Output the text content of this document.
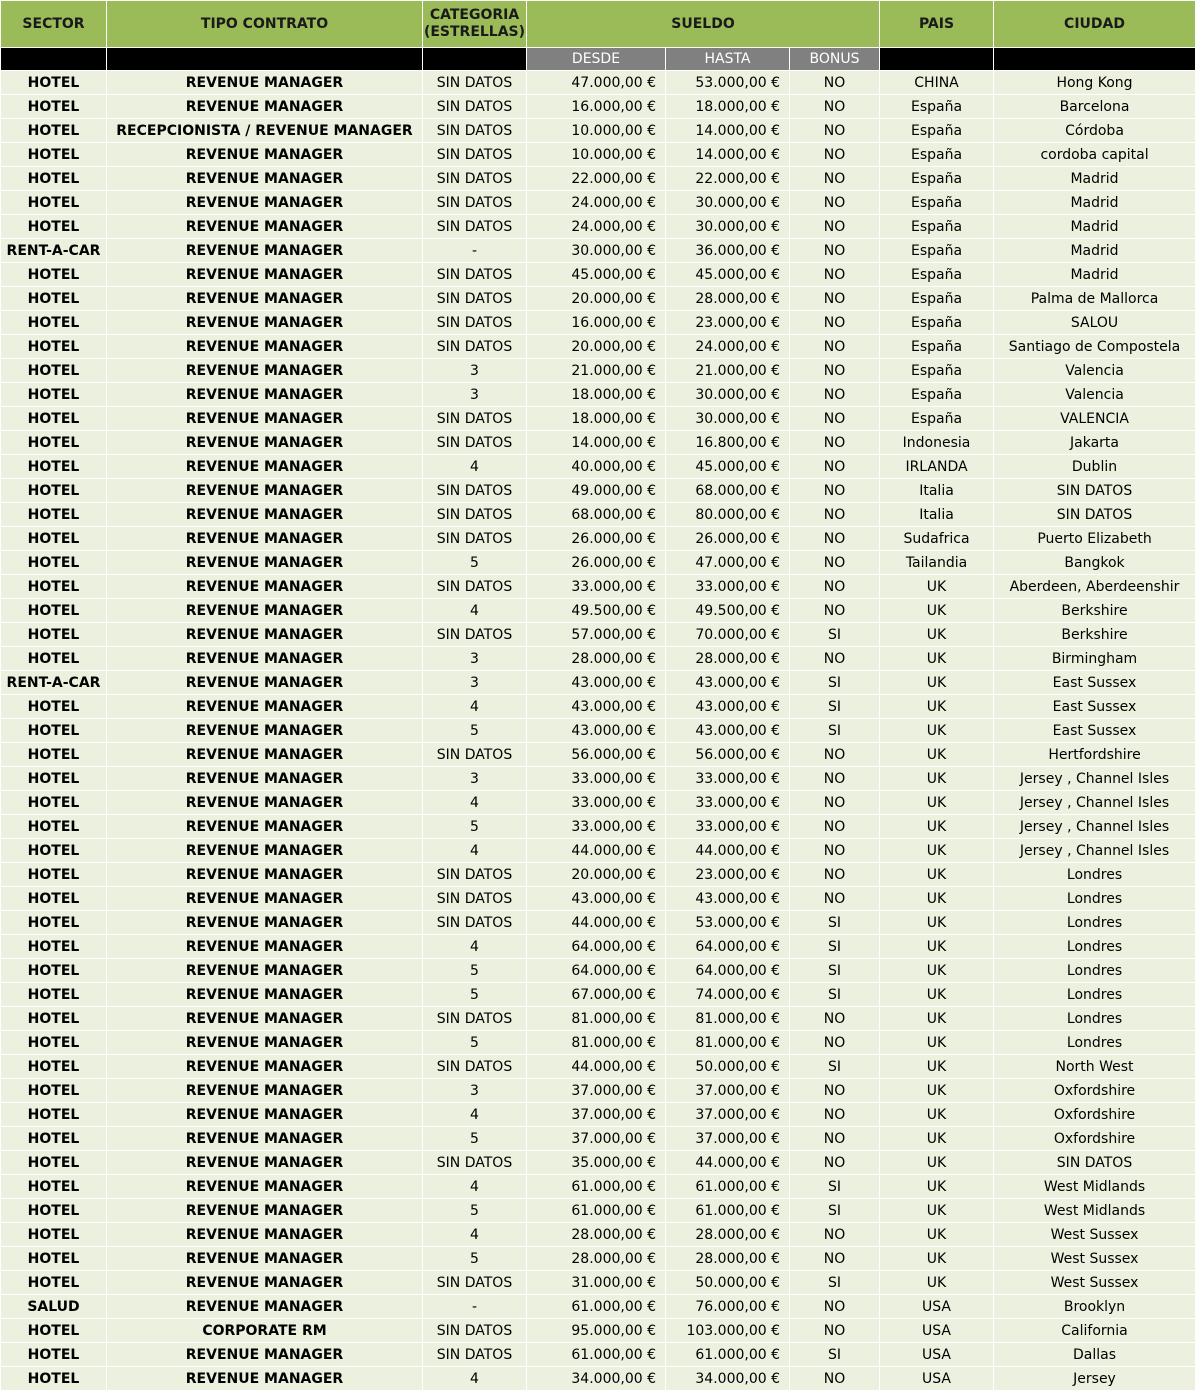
SECTOR	TIPO CONTRATO	CATEGORIA
(ESTRELLAS)	SUELDO			PAIS	CIUDAD
			DESDE	HASTA	BONUS		
HOTEL	REVENUE MANAGER	SIN DATOS	47.000,00 €	53.000,00 €	NO	CHINA	Hong Kong
HOTEL	REVENUE MANAGER	SIN DATOS	16.000,00 €	18.000,00 €	NO	España	Barcelona
HOTEL	RECEPCIONISTA / REVENUE MANAGER	SIN DATOS	10.000,00 €	14.000,00 €	NO	España	Córdoba
HOTEL	REVENUE MANAGER	SIN DATOS	10.000,00 €	14.000,00 €	NO	España	cordoba capital
HOTEL	REVENUE MANAGER	SIN DATOS	22.000,00 €	22.000,00 €	NO	España	Madrid
HOTEL	REVENUE MANAGER	SIN DATOS	24.000,00 €	30.000,00 €	NO	España	Madrid
HOTEL	REVENUE MANAGER	SIN DATOS	24.000,00 €	30.000,00 €	NO	España	Madrid
RENT-A-CAR	REVENUE MANAGER	-	30.000,00 €	36.000,00 €	NO	España	Madrid
HOTEL	REVENUE MANAGER	SIN DATOS	45.000,00 €	45.000,00 €	NO	España	Madrid
HOTEL	REVENUE MANAGER	SIN DATOS	20.000,00 €	28.000,00 €	NO	España	Palma de Mallorca
HOTEL	REVENUE MANAGER	SIN DATOS	16.000,00 €	23.000,00 €	NO	España	SALOU
HOTEL	REVENUE MANAGER	SIN DATOS	20.000,00 €	24.000,00 €	NO	España	Santiago de Compostela
HOTEL	REVENUE MANAGER	3	21.000,00 €	21.000,00 €	NO	España	Valencia
HOTEL	REVENUE MANAGER	3	18.000,00 €	30.000,00 €	NO	España	Valencia
HOTEL	REVENUE MANAGER	SIN DATOS	18.000,00 €	30.000,00 €	NO	España	VALENCIA
HOTEL	REVENUE MANAGER	SIN DATOS	14.000,00 €	16.800,00 €	NO	Indonesia	Jakarta
HOTEL	REVENUE MANAGER	4	40.000,00 €	45.000,00 €	NO	IRLANDA	Dublin
HOTEL	REVENUE MANAGER	SIN DATOS	49.000,00 €	68.000,00 €	NO	Italia	SIN DATOS
HOTEL	REVENUE MANAGER	SIN DATOS	68.000,00 €	80.000,00 €	NO	Italia	SIN DATOS
HOTEL	REVENUE MANAGER	SIN DATOS	26.000,00 €	26.000,00 €	NO	Sudafrica	Puerto Elizabeth
HOTEL	REVENUE MANAGER	5	26.000,00 €	47.000,00 €	NO	Tailandia	Bangkok
HOTEL	REVENUE MANAGER	SIN DATOS	33.000,00 €	33.000,00 €	NO	UK	Aberdeen, Aberdeenshir
HOTEL	REVENUE MANAGER	4	49.500,00 €	49.500,00 €	NO	UK	Berkshire
HOTEL	REVENUE MANAGER	SIN DATOS	57.000,00 €	70.000,00 €	SI	UK	Berkshire
HOTEL	REVENUE MANAGER	3	28.000,00 €	28.000,00 €	NO	UK	Birmingham
RENT-A-CAR	REVENUE MANAGER	3	43.000,00 €	43.000,00 €	SI	UK	East Sussex
HOTEL	REVENUE MANAGER	4	43.000,00 €	43.000,00 €	SI	UK	East Sussex
HOTEL	REVENUE MANAGER	5	43.000,00 €	43.000,00 €	SI	UK	East Sussex
HOTEL	REVENUE MANAGER	SIN DATOS	56.000,00 €	56.000,00 €	NO	UK	Hertfordshire
HOTEL	REVENUE MANAGER	3	33.000,00 €	33.000,00 €	NO	UK	Jersey , Channel Isles
HOTEL	REVENUE MANAGER	4	33.000,00 €	33.000,00 €	NO	UK	Jersey , Channel Isles
HOTEL	REVENUE MANAGER	5	33.000,00 €	33.000,00 €	NO	UK	Jersey , Channel Isles
HOTEL	REVENUE MANAGER	4	44.000,00 €	44.000,00 €	NO	UK	Jersey , Channel Isles
HOTEL	REVENUE MANAGER	SIN DATOS	20.000,00 €	23.000,00 €	NO	UK	Londres
HOTEL	REVENUE MANAGER	SIN DATOS	43.000,00 €	43.000,00 €	NO	UK	Londres
HOTEL	REVENUE MANAGER	SIN DATOS	44.000,00 €	53.000,00 €	SI	UK	Londres
HOTEL	REVENUE MANAGER	4	64.000,00 €	64.000,00 €	SI	UK	Londres
HOTEL	REVENUE MANAGER	5	64.000,00 €	64.000,00 €	SI	UK	Londres
HOTEL	REVENUE MANAGER	5	67.000,00 €	74.000,00 €	SI	UK	Londres
HOTEL	REVENUE MANAGER	SIN DATOS	81.000,00 €	81.000,00 €	NO	UK	Londres
HOTEL	REVENUE MANAGER	5	81.000,00 €	81.000,00 €	NO	UK	Londres
HOTEL	REVENUE MANAGER	SIN DATOS	44.000,00 €	50.000,00 €	SI	UK	North West
HOTEL	REVENUE MANAGER	3	37.000,00 €	37.000,00 €	NO	UK	Oxfordshire
HOTEL	REVENUE MANAGER	4	37.000,00 €	37.000,00 €	NO	UK	Oxfordshire
HOTEL	REVENUE MANAGER	5	37.000,00 €	37.000,00 €	NO	UK	Oxfordshire
HOTEL	REVENUE MANAGER	SIN DATOS	35.000,00 €	44.000,00 €	NO	UK	SIN DATOS
HOTEL	REVENUE MANAGER	4	61.000,00 €	61.000,00 €	SI	UK	West Midlands
HOTEL	REVENUE MANAGER	5	61.000,00 €	61.000,00 €	SI	UK	West Midlands
HOTEL	REVENUE MANAGER	4	28.000,00 €	28.000,00 €	NO	UK	West Sussex
HOTEL	REVENUE MANAGER	5	28.000,00 €	28.000,00 €	NO	UK	West Sussex
HOTEL	REVENUE MANAGER	SIN DATOS	31.000,00 €	50.000,00 €	SI	UK	West Sussex
SALUD	REVENUE MANAGER	-	61.000,00 €	76.000,00 €	NO	USA	Brooklyn
HOTEL	CORPORATE RM	SIN DATOS	95.000,00 €	103.000,00 €	NO	USA	California
HOTEL	REVENUE MANAGER	SIN DATOS	61.000,00 €	61.000,00 €	SI	USA	Dallas
HOTEL	REVENUE MANAGER	4	34.000,00 €	34.000,00 €	NO	USA	Jersey
